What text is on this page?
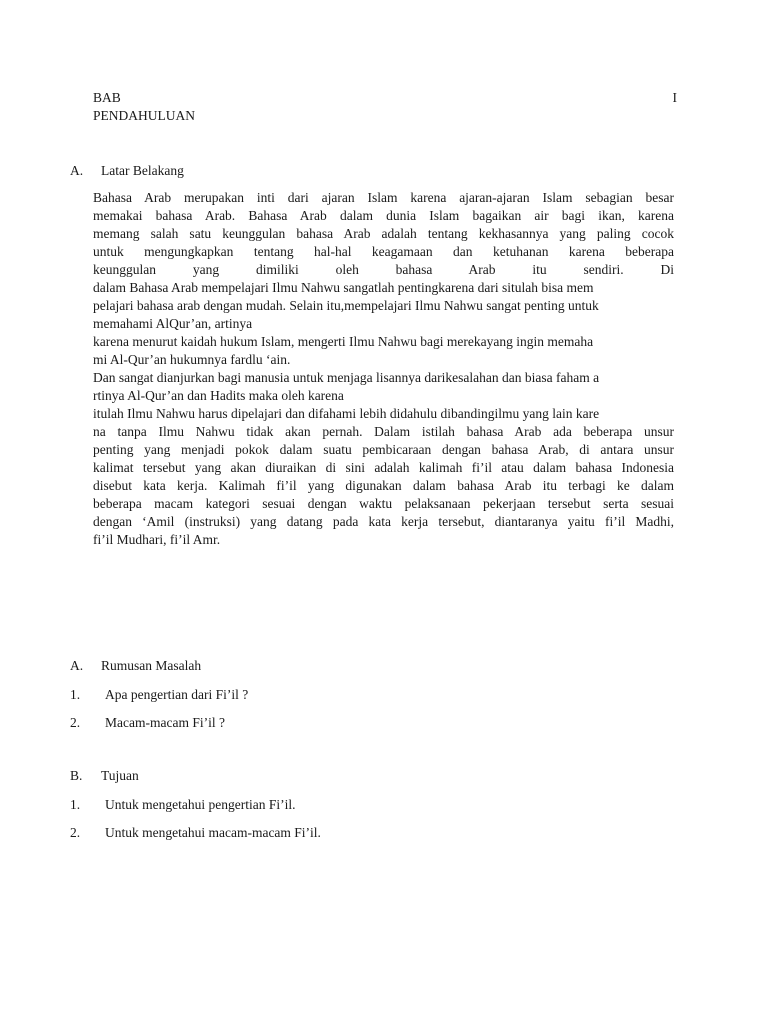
BAB	I
PENDAHULUAN
A.	Latar Belakang
Bahasa Arab merupakan inti dari ajaran Islam karena ajaran-ajaran Islam sebagian besar
memakai bahasa Arab. Bahasa Arab dalam dunia Islam bagaikan air bagi ikan, karena
memang salah satu keunggulan bahasa Arab adalah tentang kekhasannya yang paling cocok
untuk mengungkapkan tentang hal-hal keagamaan dan ketuhanan karena beberapa
keunggulan yang dimiliki oleh bahasa Arab itu sendiri. Di
dalam Bahasa Arab mempelajari Ilmu Nahwu sangatlah pentingkarena dari situlah bisa mem
pelajari bahasa arab dengan mudah. Selain itu,mempelajari Ilmu Nahwu sangat penting untuk
memahami AlQur’an, artinya
karena menurut kaidah hukum Islam, mengerti Ilmu Nahwu bagi merekayang ingin memaha
mi Al-Qur’an hukumnya fardlu ‘ain.
Dan sangat dianjurkan bagi manusia untuk menjaga lisannya darikesalahan dan biasa faham a
rtinya Al-Qur’an dan Hadits maka oleh karena
itulah Ilmu Nahwu harus dipelajari dan difahami lebih didahulu dibandingilmu yang lain kare
na tanpa Ilmu Nahwu tidak akan pernah. Dalam istilah bahasa Arab ada beberapa unsur
penting yang menjadi pokok dalam suatu pembicaraan dengan bahasa Arab, di antara unsur
kalimat tersebut yang akan diuraikan di sini adalah kalimah fi’il atau dalam bahasa Indonesia
disebut kata kerja. Kalimah fi’il yang digunakan dalam bahasa Arab itu terbagi ke dalam
beberapa macam kategori sesuai dengan waktu pelaksanaan pekerjaan tersebut serta sesuai
dengan ‘Amil (instruksi) yang datang pada kata kerja tersebut, diantaranya yaitu fi’il Madhi,
fi’il Mudhari, fi’il Amr.
A.	Rumusan Masalah
1.	Apa pengertian dari Fi’il ?
2.	Macam-macam Fi’il ?
B.	Tujuan
1.	Untuk mengetahui pengertian Fi’il.
2.	Untuk mengetahui macam-macam Fi’il.
